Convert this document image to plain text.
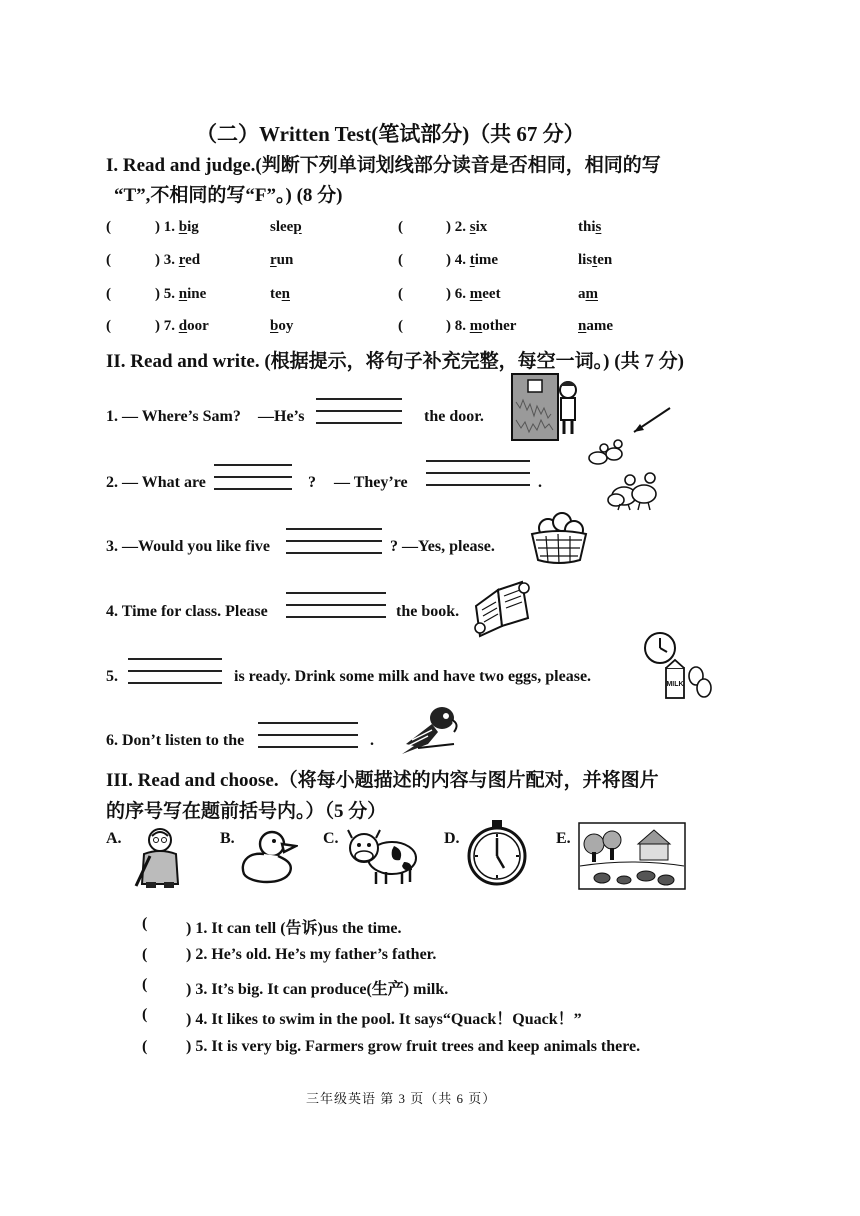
（二）Written Test(笔试部分)（共 67 分）
I. Read and judge.(判断下列单词划线部分读音是否相同，相同的写
“T”,不相同的写“F”。) (8 分)
(	) 1. big	sleep	(	) 2. six	this
(	) 3. red	run	(	) 4. time	listen
(	) 5. nine	ten	(	) 6. meet	am
(	) 7. door	boy	(	) 8. mother	name
II. Read and write. (根据提示，将句子补充完整，每空一词。) (共 7 分)
1. — Where’s Sam? —He’s	the door.
2. — What are	? — They’re	.
3. —Would you like five	? —Yes, please.
4. Time for class. Please	the book.
5.	is ready. Drink some milk and have two eggs, please.
6. Don’t listen to the	.
MILK
III. Read and choose.（将每小题描述的内容与图片配对，并将图片
的序号写在题前括号内。）（5 分）
A.	B.	C.	D.	E.
( ) 1. It can tell (告诉)us the time.
( ) 2. He’s old. He’s my father’s father.
( ) 3. It’s big. It can produce(生产) milk.
( ) 4. It likes to swim in the pool. It says“Quack！Quack！”
( ) 5. It is very big. Farmers grow fruit trees and keep animals there.
三年级英语 第 3 页（共 6 页）
